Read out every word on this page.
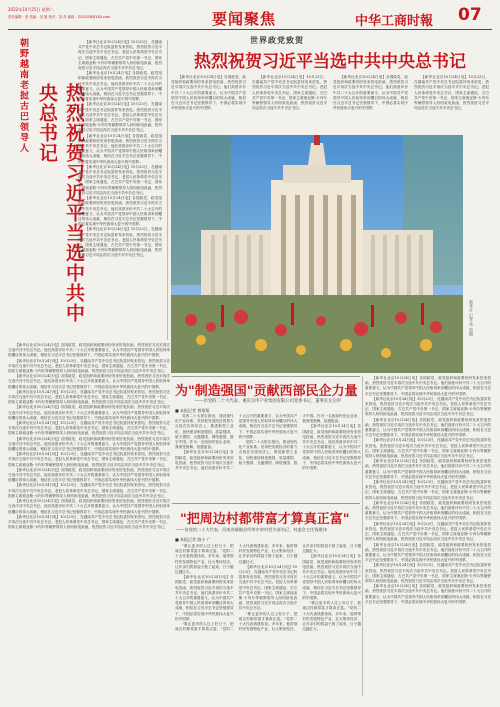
2022年10月25日 星期二
责任编辑：张 美编：吴 版 校对：刘 舟 邮箱：ZGGSSB@163.com	要闻聚焦	中华工商时報 07
朝野越南老挝古巴领导人	热烈祝贺习近平当选中共中央总书记

【新华社北京10月24日电】10月23日，在越南共产党中央总书记阮富仲发来贺电，热烈祝贺习近平再次当选中共中央总书记。老挝人民革命党中央总书记、国家主席通伦，古巴共产党中央第一书记、国家主席迪亚斯-卡内尔等朝野领导人纷纷致电致函，热烈祝贺习近平同志再次当选中共中央总书记。

【新华社北京10月24日电】各国政党、政党组织和政要纷纷发来贺电贺函，热烈祝贺习近平再次当选中共中央总书记。他们高度评价中共二十大召开的重要意义，认为中国共产党领导中国人民取得举世瞩目的伟大成就，相信在习近平总书记坚强领导下，中国必将实现中华民族伟大复兴的中国梦。

【新华社北京10月24日电】10月23日，在越南共产党中央总书记阮富仲发来贺电，热烈祝贺习近平再次当选中共中央总书记。老挝人民革命党中央总书记、国家主席通伦，古巴共产党中央第一书记、国家主席迪亚斯-卡内尔等朝野领导人纷纷致电致函，热烈祝贺习近平同志再次当选中共中央总书记。

【新华社北京10月24日电】各国政党、政党组织和政要纷纷发来贺电贺函，热烈祝贺习近平再次当选中共中央总书记。他们高度评价中共二十大召开的重要意义，认为中国共产党领导中国人民取得举世瞩目的伟大成就，相信在习近平总书记坚强领导下，中国必将实现中华民族伟大复兴的中国梦。

【新华社北京10月24日电】10月23日，在越南共产党中央总书记阮富仲发来贺电，热烈祝贺习近平再次当选中共中央总书记。老挝人民革命党中央总书记、国家主席通伦，古巴共产党中央第一书记、国家主席迪亚斯-卡内尔等朝野领导人纷纷致电致函，热烈祝贺习近平同志再次当选中共中央总书记。

【新华社北京10月24日电】各国政党、政党组织和政要纷纷发来贺电贺函，热烈祝贺习近平再次当选中共中央总书记。他们高度评价中共二十大召开的重要意义，认为中国共产党领导中国人民取得举世瞩目的伟大成就，相信在习近平总书记坚强领导下，中国必将实现中华民族伟大复兴的中国梦。

【新华社北京10月24日电】10月23日，在越南共产党中央总书记阮富仲发来贺电，热烈祝贺习近平再次当选中共中央总书记。老挝人民革命党中央总书记、国家主席通伦，古巴共产党中央第一书记、国家主席迪亚斯-卡内尔等朝野领导人纷纷致电致函，热烈祝贺习近平同志再次当选中共中央总书记。

世界政党致贺
热烈祝贺习近平当选中共中央总书记

【新华社北京10月24日电】各国政党、政党组织和政要纷纷发来贺电贺函，热烈祝贺习近平再次当选中共中央总书记。他们高度评价中共二十大召开的重要意义，认为中国共产党领导中国人民取得举世瞩目的伟大成就，相信在习近平总书记坚强领导下，中国必将实现中华民族伟大复兴的中国梦。

【新华社北京10月24日电】10月23日，在越南共产党中央总书记阮富仲发来贺电，热烈祝贺习近平再次当选中共中央总书记。老挝人民革命党中央总书记、国家主席通伦，古巴共产党中央第一书记、国家主席迪亚斯-卡内尔等朝野领导人纷纷致电致函，热烈祝贺习近平同志再次当选中共中央总书记。

【新华社北京10月24日电】各国政党、政党组织和政要纷纷发来贺电贺函，热烈祝贺习近平再次当选中共中央总书记。他们高度评价中共二十大召开的重要意义，认为中国共产党领导中国人民取得举世瞩目的伟大成就，相信在习近平总书记坚强领导下，中国必将实现中华民族伟大复兴的中国梦。

【新华社北京10月24日电】10月23日，在越南共产党中央总书记阮富仲发来贺电，热烈祝贺习近平再次当选中共中央总书记。老挝人民革命党中央总书记、国家主席通伦，古巴共产党中央第一书记、国家主席迪亚斯-卡内尔等朝野领导人纷纷致电致函，热烈祝贺习近平同志再次当选中共中央总书记。

新华社 记者 李 贺摄

【新华社北京10月24日电】各国政党、政党组织和政要纷纷发来贺电贺函，热烈祝贺习近平再次当选中共中央总书记。他们高度评价中共二十大召开的重要意义，认为中国共产党领导中国人民取得举世瞩目的伟大成就，相信在习近平总书记坚强领导下，中国必将实现中华民族伟大复兴的中国梦。

【新华社北京10月24日电】10月23日，在越南共产党中央总书记阮富仲发来贺电，热烈祝贺习近平再次当选中共中央总书记。老挝人民革命党中央总书记、国家主席通伦，古巴共产党中央第一书记、国家主席迪亚斯-卡内尔等朝野领导人纷纷致电致函，热烈祝贺习近平同志再次当选中共中央总书记。

【新华社北京10月24日电】各国政党、政党组织和政要纷纷发来贺电贺函，热烈祝贺习近平再次当选中共中央总书记。他们高度评价中共二十大召开的重要意义，认为中国共产党领导中国人民取得举世瞩目的伟大成就，相信在习近平总书记坚强领导下，中国必将实现中华民族伟大复兴的中国梦。

【新华社北京10月24日电】10月23日，在越南共产党中央总书记阮富仲发来贺电，热烈祝贺习近平再次当选中共中央总书记。老挝人民革命党中央总书记、国家主席通伦，古巴共产党中央第一书记、国家主席迪亚斯-卡内尔等朝野领导人纷纷致电致函，热烈祝贺习近平同志再次当选中共中央总书记。

【新华社北京10月24日电】各国政党、政党组织和政要纷纷发来贺电贺函，热烈祝贺习近平再次当选中共中央总书记。他们高度评价中共二十大召开的重要意义，认为中国共产党领导中国人民取得举世瞩目的伟大成就，相信在习近平总书记坚强领导下，中国必将实现中华民族伟大复兴的中国梦。

【新华社北京10月24日电】10月23日，在越南共产党中央总书记阮富仲发来贺电，热烈祝贺习近平再次当选中共中央总书记。老挝人民革命党中央总书记、国家主席通伦，古巴共产党中央第一书记、国家主席迪亚斯-卡内尔等朝野领导人纷纷致电致函，热烈祝贺习近平同志再次当选中共中央总书记。

【新华社北京10月24日电】各国政党、政党组织和政要纷纷发来贺电贺函，热烈祝贺习近平再次当选中共中央总书记。他们高度评价中共二十大召开的重要意义，认为中国共产党领导中国人民取得举世瞩目的伟大成就，相信在习近平总书记坚强领导下，中国必将实现中华民族伟大复兴的中国梦。

【新华社北京10月24日电】10月23日，在越南共产党中央总书记阮富仲发来贺电，热烈祝贺习近平再次当选中共中央总书记。老挝人民革命党中央总书记、国家主席通伦，古巴共产党中央第一书记、国家主席迪亚斯-卡内尔等朝野领导人纷纷致电致函，热烈祝贺习近平同志再次当选中共中央总书记。

【新华社北京10月24日电】各国政党、政党组织和政要纷纷发来贺电贺函，热烈祝贺习近平再次当选中共中央总书记。他们高度评价中共二十大召开的重要意义，认为中国共产党领导中国人民取得举世瞩目的伟大成就，相信在习近平总书记坚强领导下，中国必将实现中华民族伟大复兴的中国梦。

【新华社北京10月24日电】10月23日，在越南共产党中央总书记阮富仲发来贺电，热烈祝贺习近平再次当选中共中央总书记。老挝人民革命党中央总书记、国家主席通伦，古巴共产党中央第一书记、国家主席迪亚斯-卡内尔等朝野领导人纷纷致电致函，热烈祝贺习近平同志再次当选中共中央总书记。

【新华社北京10月24日电】各国政党、政党组织和政要纷纷发来贺电贺函，热烈祝贺习近平再次当选中共中央总书记。他们高度评价中共二十大召开的重要意义，认为中国共产党领导中国人民取得举世瞩目的伟大成就，相信在习近平总书记坚强领导下，中国必将实现中华民族伟大复兴的中国梦。

【新华社北京10月24日电】10月23日，在越南共产党中央总书记阮富仲发来贺电，热烈祝贺习近平再次当选中共中央总书记。老挝人民革命党中央总书记、国家主席通伦，古巴共产党中央第一书记、国家主席迪亚斯-卡内尔等朝野领导人纷纷致电致函，热烈祝贺习近平同志再次当选中共中央总书记。

【新华社北京10月24日电】各国政党、政党组织和政要纷纷发来贺电贺函，热烈祝贺习近平再次当选中共中央总书记。他们高度评价中共二十大召开的重要意义，认为中国共产党领导中国人民取得举世瞩目的伟大成就，相信在习近平总书记坚强领导下，中国必将实现中华民族伟大复兴的中国梦。

【新华社北京10月24日电】10月23日，在越南共产党中央总书记阮富仲发来贺电，热烈祝贺习近平再次当选中共中央总书记。老挝人民革命党中央总书记、国家主席通伦，古巴共产党中央第一书记、国家主席迪亚斯-卡内尔等朝野领导人纷纷致电致函，热烈祝贺习近平同志再次当选中共中央总书记。

【新华社北京10月24日电】各国政党、政党组织和政要纷纷发来贺电贺函，热烈祝贺习近平再次当选中共中央总书记。他们高度评价中共二十大召开的重要意义，认为中国共产党领导中国人民取得举世瞩目的伟大成就，相信在习近平总书记坚强领导下，中国必将实现中华民族伟大复兴的中国梦。

【新华社北京10月24日电】10月23日，在越南共产党中央总书记阮富仲发来贺电，热烈祝贺习近平再次当选中共中央总书记。老挝人民革命党中央总书记、国家主席通伦，古巴共产党中央第一书记、国家主席迪亚斯-卡内尔等朝野领导人纷纷致电致函，热烈祝贺习近平同志再次当选中共中央总书记。

【新华社北京10月24日电】各国政党、政党组织和政要纷纷发来贺电贺函，热烈祝贺习近平再次当选中共中央总书记。他们高度评价中共二十大召开的重要意义，认为中国共产党领导中国人民取得举世瞩目的伟大成就，相信在习近平总书记坚强领导下，中国必将实现中华民族伟大复兴的中国梦。

【新华社北京10月24日电】10月23日，在越南共产党中央总书记阮富仲发来贺电，热烈祝贺习近平再次当选中共中央总书记。老挝人民革命党中央总书记、国家主席通伦，古巴共产党中央第一书记、国家主席迪亚斯-卡内尔等朝野领导人纷纷致电致函，热烈祝贺习近平同志再次当选中共中央总书记。

【新华社北京10月24日电】各国政党、政党组织和政要纷纷发来贺电贺函，热烈祝贺习近平再次当选中共中央总书记。他们高度评价中共二十大召开的重要意义，认为中国共产党领导中国人民取得举世瞩目的伟大成就，相信在习近平总书记坚强领导下，中国必将实现中华民族伟大复兴的中国梦。

【新华社北京10月24日电】10月23日，在越南共产党中央总书记阮富仲发来贺电，热烈祝贺习近平再次当选中共中央总书记。老挝人民革命党中央总书记、国家主席通伦，古巴共产党中央第一书记、国家主席迪亚斯-卡内尔等朝野领导人纷纷致电致函，热烈祝贺习近平同志再次当选中共中央总书记。

【新华社北京10月24日电】各国政党、政党组织和政要纷纷发来贺电贺函，热烈祝贺习近平再次当选中共中央总书记。他们高度评价中共二十大召开的重要意义，认为中国共产党领导中国人民取得举世瞩目的伟大成就，相信在习近平总书记坚强领导下，中国必将实现中华民族伟大复兴的中国梦。

【新华社北京10月24日电】10月23日，在越南共产党中央总书记阮富仲发来贺电，热烈祝贺习近平再次当选中共中央总书记。老挝人民革命党中央总书记、国家主席通伦，古巴共产党中央第一书记、国家主席迪亚斯-卡内尔等朝野领导人纷纷致电致函，热烈祝贺习近平同志再次当选中共中央总书记。

【新华社北京10月24日电】各国政党、政党组织和政要纷纷发来贺电贺函，热烈祝贺习近平再次当选中共中央总书记。他们高度评价中共二十大召开的重要意义，认为中国共产党领导中国人民取得举世瞩目的伟大成就，相信在习近平总书记坚强领导下，中国必将实现中华民族伟大复兴的中国梦。

为"制造强国"贡献西部民企力量
——访党的二十大代表、重庆宗申产业集团有限公司党委书记、董事长左宗申
■ 本报记者 曾翔翔

党的二十大报告指出，建设现代化产业体系。坚持把发展经济的着力点放在实体经济上，推进新型工业化，加快建设制造强国、质量强国、航天强国、交通强国、网络强国、数字中国。作为一名西部民营企业家，我深受鼓舞，倍感振奋。

【新华社北京10月24日电】各国政党、政党组织和政要纷纷发来贺电贺函，热烈祝贺习近平再次当选中共中央总书记。他们高度评价中共二十大召开的重要意义，认为中国共产党领导中国人民取得举世瞩目的伟大成就，相信在习近平总书记坚强领导下，中国必将实现中华民族伟大复兴的中国梦。

党的二十大报告指出，建设现代化产业体系。坚持把发展经济的着力点放在实体经济上，推进新型工业化，加快建设制造强国、质量强国、航天强国、交通强国、网络强国、数字中国。作为一名西部民营企业家，我深受鼓舞，倍感振奋。

【新华社北京10月24日电】各国政党、政党组织和政要纷纷发来贺电贺函，热烈祝贺习近平再次当选中共中央总书记。他们高度评价中共二十大召开的重要意义，认为中国共产党领导中国人民取得举世瞩目的伟大成就，相信在习近平总书记坚强领导下，中国必将实现中华民族伟大复兴的中国梦。

"把周边村都带富才算真正富"
——访党的二十大代表、河南省鄢陵县纾荣乡荣村党支部书记、村委会主任钱建伟
■ 本报记者 路小 广

"要让更多的人过上好日子，把周边村都带富才算真正富。"党的二十大代表钱建伟说。多年来，他带领村民发展特色产业，壮大集体经济，让乡亲们的钱袋子鼓了起来，日子越过越红火。

【新华社北京10月24日电】各国政党、政党组织和政要纷纷发来贺电贺函，热烈祝贺习近平再次当选中共中央总书记。他们高度评价中共二十大召开的重要意义，认为中国共产党领导中国人民取得举世瞩目的伟大成就，相信在习近平总书记坚强领导下，中国必将实现中华民族伟大复兴的中国梦。

"要让更多的人过上好日子，把周边村都带富才算真正富。"党的二十大代表钱建伟说。多年来，他带领村民发展特色产业，壮大集体经济，让乡亲们的钱袋子鼓了起来，日子越过越红火。

【新华社北京10月24日电】10月23日，在越南共产党中央总书记阮富仲发来贺电，热烈祝贺习近平再次当选中共中央总书记。老挝人民革命党中央总书记、国家主席通伦，古巴共产党中央第一书记、国家主席迪亚斯-卡内尔等朝野领导人纷纷致电致函，热烈祝贺习近平同志再次当选中共中央总书记。

"要让更多的人过上好日子，把周边村都带富才算真正富。"党的二十大代表钱建伟说。多年来，他带领村民发展特色产业，壮大集体经济，让乡亲们的钱袋子鼓了起来，日子越过越红火。

【新华社北京10月24日电】各国政党、政党组织和政要纷纷发来贺电贺函，热烈祝贺习近平再次当选中共中央总书记。他们高度评价中共二十大召开的重要意义，认为中国共产党领导中国人民取得举世瞩目的伟大成就，相信在习近平总书记坚强领导下，中国必将实现中华民族伟大复兴的中国梦。

"要让更多的人过上好日子，把周边村都带富才算真正富。"党的二十大代表钱建伟说。多年来，他带领村民发展特色产业，壮大集体经济，让乡亲们的钱袋子鼓了起来，日子越过越红火。
